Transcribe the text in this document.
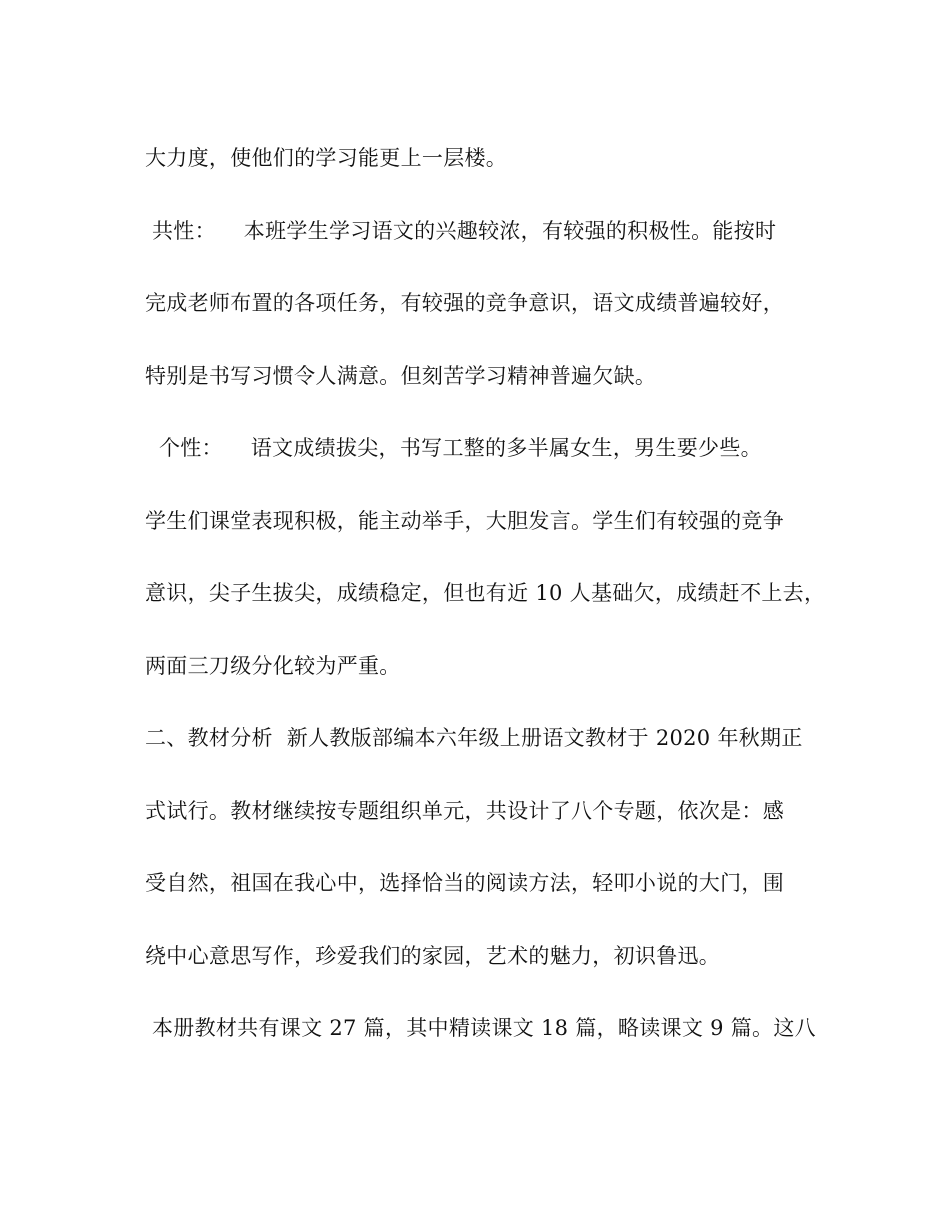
大力度，使他们的学习能更上一层楼。
共性：    本班学生学习语文的兴趣较浓，有较强的积极性。能按时
完成老师布置的各项任务，有较强的竞争意识，语文成绩普遍较好，
特别是书写习惯令人满意。但刻苦学习精神普遍欠缺。
个性：    语文成绩拔尖，书写工整的多半属女生，男生要少些。
学生们课堂表现积极，能主动举手，大胆发言。学生们有较强的竞争
意识，尖子生拔尖，成绩稳定，但也有近 10 人基础欠，成绩赶不上去，
两面三刀级分化较为严重。
二、教材分析  新人教版部编本六年级上册语文教材于 2020 年秋期正
式试行。教材继续按专题组织单元，共设计了八个专题，依次是：感
受自然，祖国在我心中，选择恰当的阅读方法，轻叩小说的大门，围
绕中心意思写作，珍爱我们的家园，艺术的魅力，初识鲁迅。
本册教材共有课文 27 篇，其中精读课文 18 篇，略读课文 9 篇。这八
